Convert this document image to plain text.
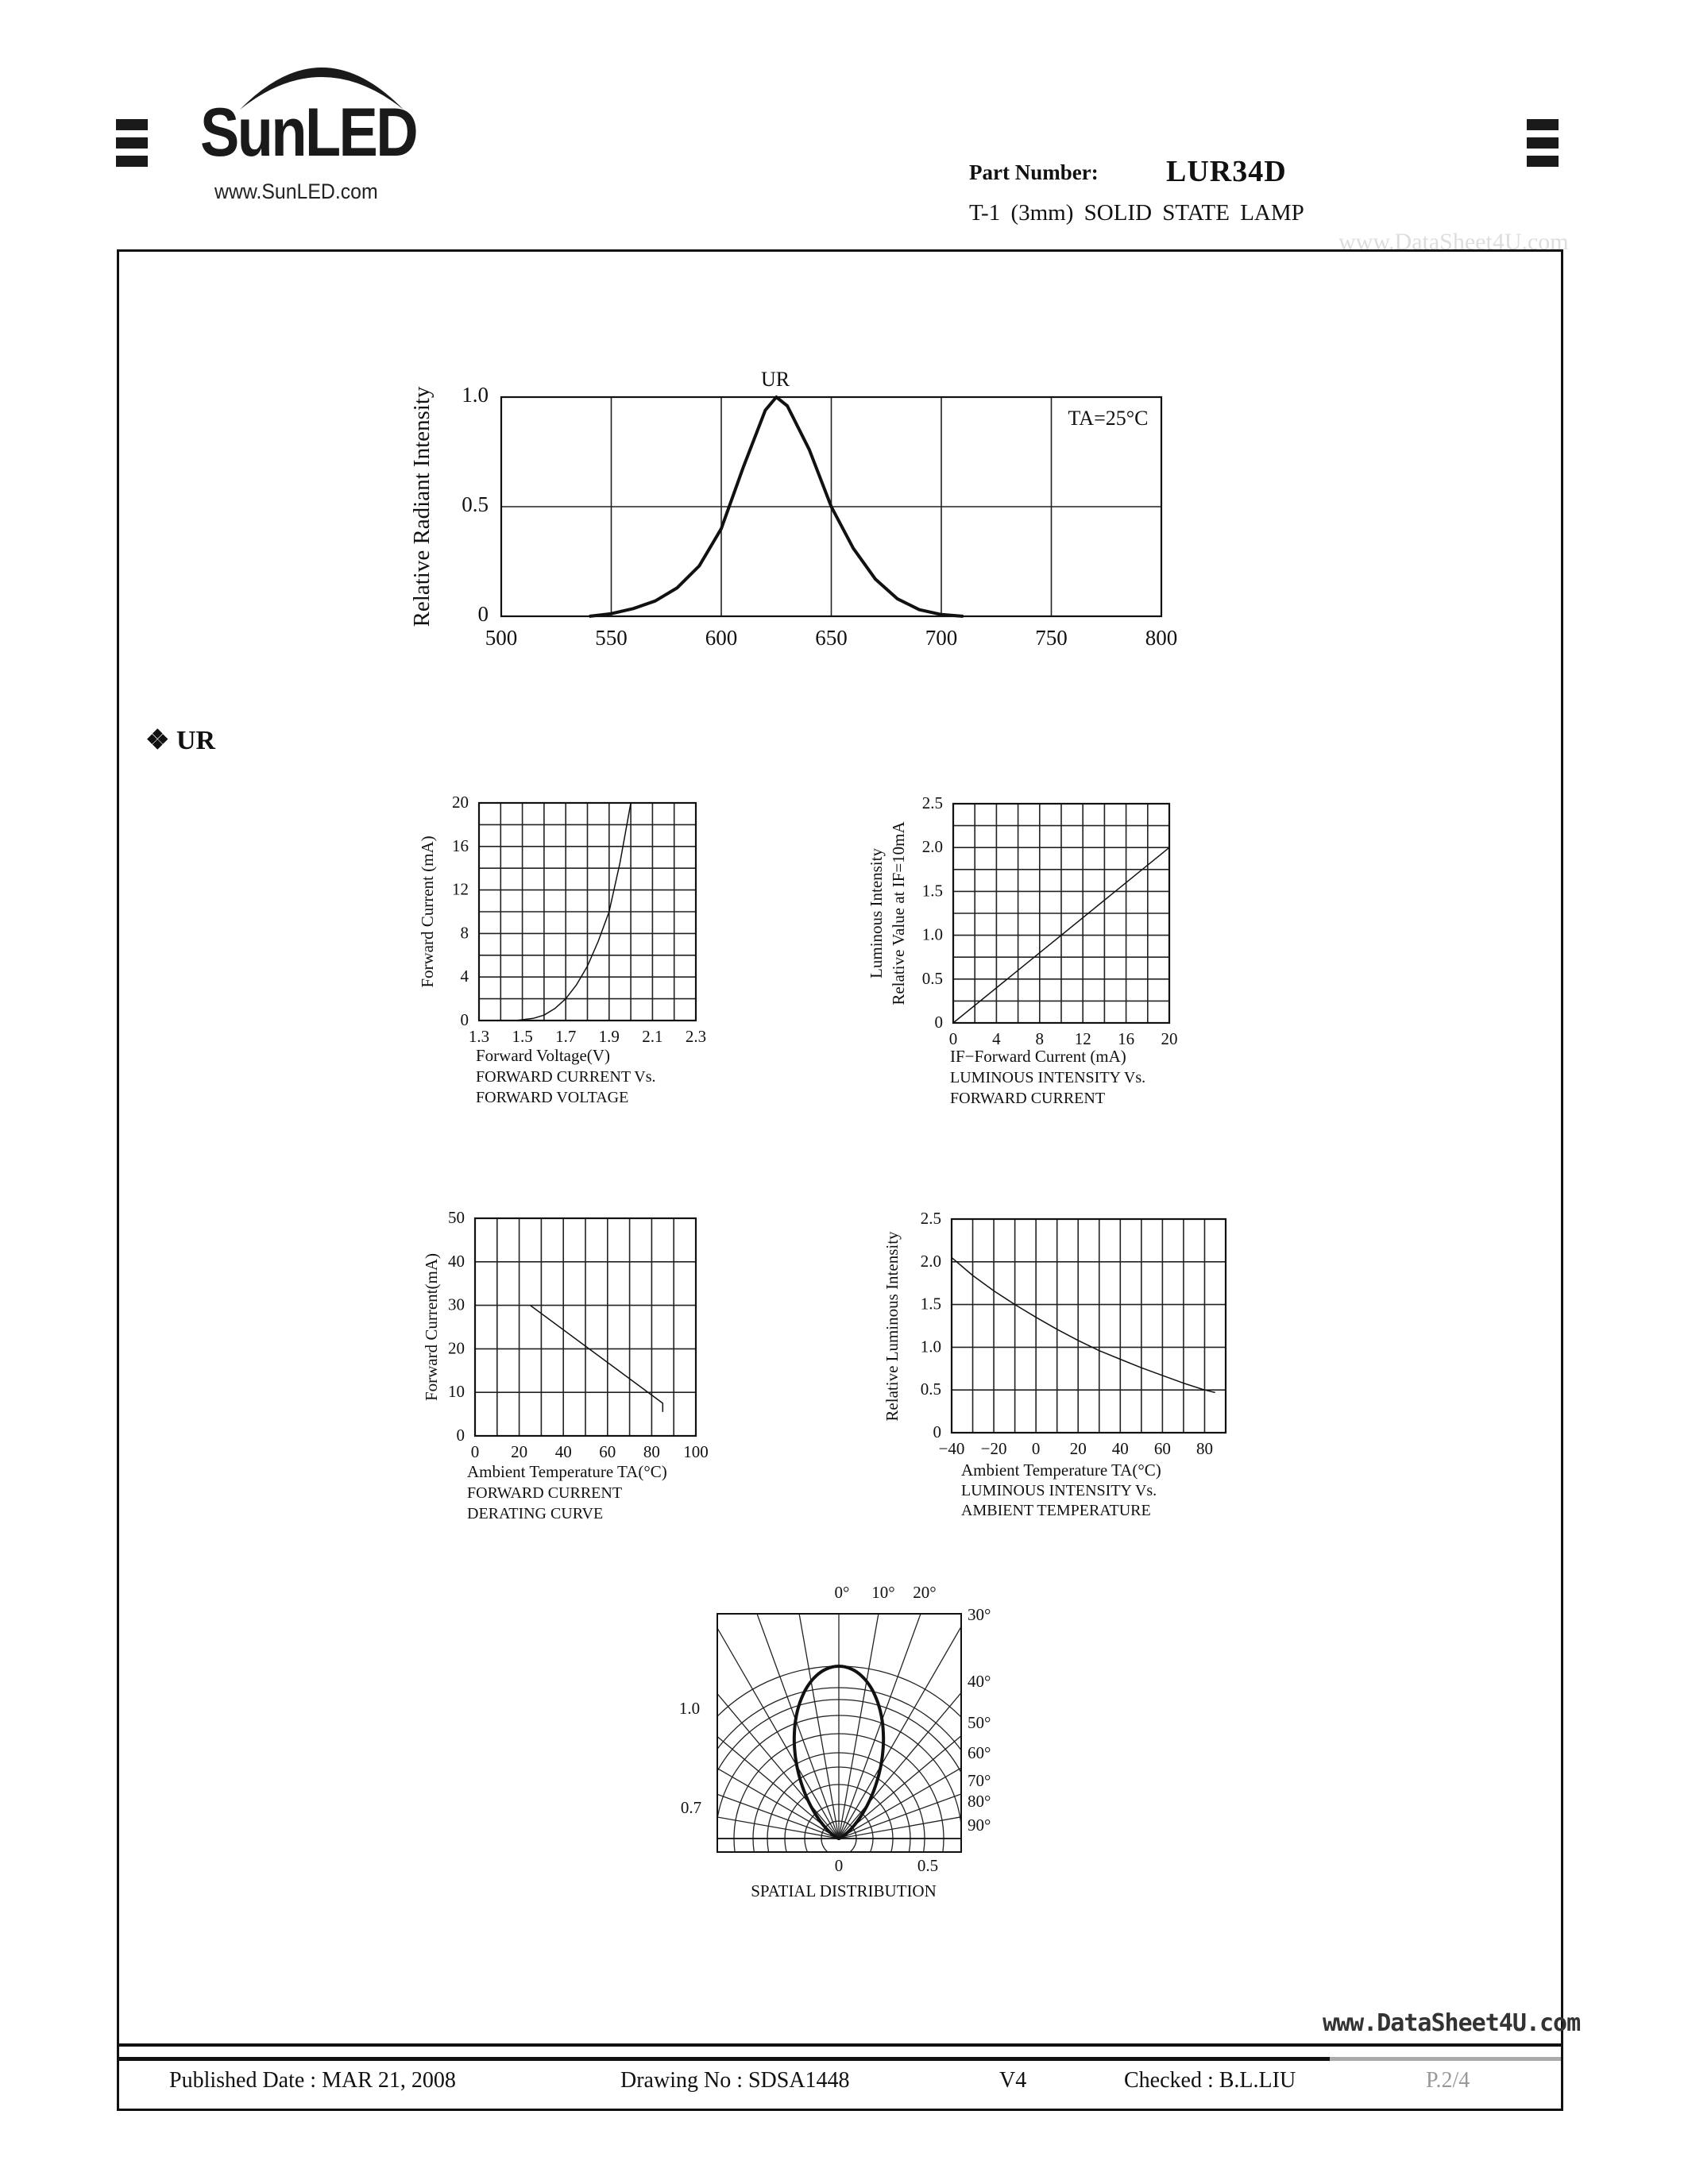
SunLED
www.SunLED.com
Part Number: LUR34D
T-1 (3mm) SOLID STATE LAMP
www.DataSheet4U.com
❖ UR
500	550	600	650	700	750	800
0
0.5
1.0
Relative Radiant Intensity
UR
TA=25°C
1.3 1.5 1.7 1.9 2.1 2.3
0
4
8
12
16
20
Forward Current (mA)
Forward Voltage(V)
FORWARD CURRENT Vs.
FORWARD VOLTAGE
0 4 8 12 16 20
0
0.5
1.0
1.5
2.0
2.5
Luminous Intensity Relative Value at IF=10mA
IF−Forward Current (mA)
LUMINOUS INTENSITY Vs.
FORWARD CURRENT
0 20 40 60 80 100
0
10
20
30
40
50
Forward Current(mA)
Ambient Temperature TA(°C)
FORWARD CURRENT
DERATING CURVE
−40 −20 0 20 40 60 80
0
0.5
1.0
1.5
2.0
2.5
Relative Luminous Intensity
Ambient Temperature TA(°C)
LUMINOUS INTENSITY Vs.
AMBIENT TEMPERATURE
0° 10° 20°
30°
40°
50°
60°
70°
80°
90°
1.0
0.7
0	0.5
SPATIAL DISTRIBUTION
Published Date : MAR 21, 2008	Drawing No : SDSA1448	V4	Checked : B.L.LIU	P.2/4
www.DataSheet4U.com
